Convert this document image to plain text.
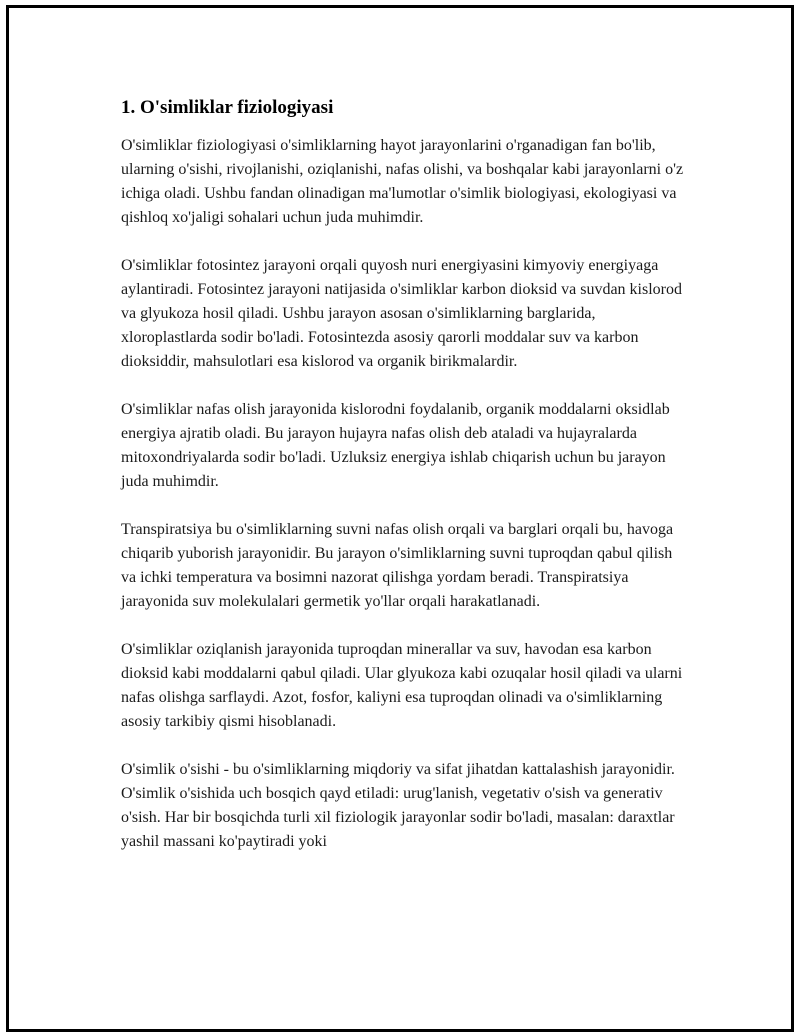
1. O'simliklar fiziologiyasi

O'simliklar fiziologiyasi o'simliklarning hayot jarayonlarini o'rganadigan fan bo'lib, ularning o'sishi, rivojlanishi, oziqlanishi, nafas olishi, va boshqalar kabi jarayonlarni o'z ichiga oladi. Ushbu fandan olinadigan ma'lumotlar o'simlik biologiyasi, ekologiyasi va qishloq xo'jaligi sohalari uchun juda muhimdir.

O'simliklar fotosintez jarayoni orqali quyosh nuri energiyasini kimyoviy energiyaga aylantiradi. Fotosintez jarayoni natijasida o'simliklar karbon dioksid va suvdan kislorod va glyukoza hosil qiladi. Ushbu jarayon asosan o'simliklarning barglarida, xloroplastlarda sodir bo'ladi. Fotosintezda asosiy qarorli moddalar suv va karbon dioksiddir, mahsulotlari esa kislorod va organik birikmalardir.

O'simliklar nafas olish jarayonida kislorodni foydalanib, organik moddalarni oksidlab energiya ajratib oladi. Bu jarayon hujayra nafas olish deb ataladi va hujayralarda mitoxondriyalarda sodir bo'ladi. Uzluksiz energiya ishlab chiqarish uchun bu jarayon juda muhimdir.

Transpiratsiya bu o'simliklarning suvni nafas olish orqali va barglari orqali bu, havoga chiqarib yuborish jarayonidir. Bu jarayon o'simliklarning suvni tuproqdan qabul qilish va ichki temperatura va bosimni nazorat qilishga yordam beradi. Transpiratsiya jarayonida suv molekulalari germetik yo'llar orqali harakatlanadi.

O'simliklar oziqlanish jarayonida tuproqdan minerallar va suv, havodan esa karbon dioksid kabi moddalarni qabul qiladi. Ular glyukoza kabi ozuqalar hosil qiladi va ularni nafas olishga sarflaydi. Azot, fosfor, kaliyni esa tuproqdan olinadi va o'simliklarning asosiy tarkibiy qismi hisoblanadi.

O'simlik o'sishi - bu o'simliklarning miqdoriy va sifat jihatdan kattalashish jarayonidir. O'simlik o'sishida uch bosqich qayd etiladi: urug'lanish, vegetativ o'sish va generativ o'sish. Har bir bosqichda turli xil fiziologik jarayonlar sodir bo'ladi, masalan: daraxtlar yashil massani ko'paytiradi yoki
